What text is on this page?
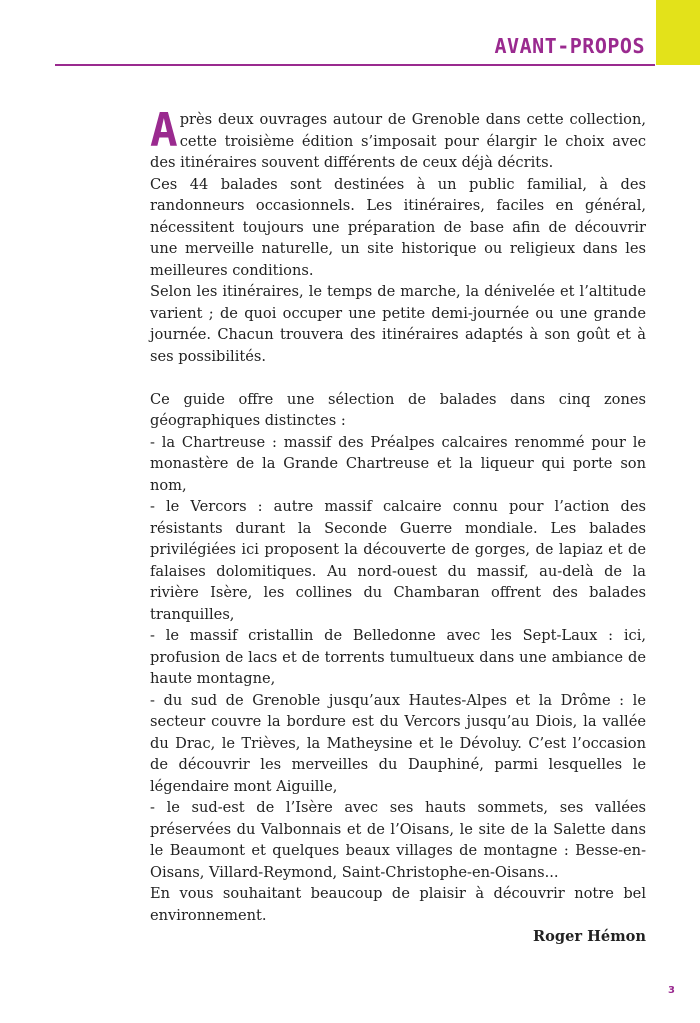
AVANT-PROPOS

Après deux ouvrages autour de Grenoble dans cette collection, cette troisième édition s’imposait pour élargir le choix avec des itinéraires souvent différents de ceux déjà décrits.

Ces 44 balades sont destinées à un public familial, à des randonneurs occasionnels. Les itinéraires, faciles en général, nécessitent toujours une préparation de base afin de découvrir une merveille naturelle, un site historique ou religieux dans les meilleures conditions.

Selon les itinéraires, le temps de marche, la dénivelée et l’altitude varient ; de quoi occuper une petite demi-journée ou une grande journée. Chacun trouvera des itinéraires adaptés à son goût et à ses possibilités.

Ce guide offre une sélection de balades dans cinq zones géographiques distinctes :

- la Chartreuse : massif des Préalpes calcaires renommé pour le monastère de la Grande Chartreuse et la liqueur qui porte son nom,

- le Vercors : autre massif calcaire connu pour l’action des résistants durant la Seconde Guerre mondiale. Les balades privilégiées ici proposent la découverte de gorges, de lapiaz et de falaises dolomitiques. Au nord-ouest du massif, au-delà de la rivière Isère, les collines du Chambaran offrent des balades tranquilles,

- le massif cristallin de Belledonne avec les Sept-Laux : ici, profusion de lacs et de torrents tumultueux dans une ambiance de haute montagne,

- du sud de Grenoble jusqu’aux Hautes-Alpes et la Drôme : le secteur couvre la bordure est du Vercors jusqu’au Diois, la vallée du Drac, le Trièves, la Matheysine et le Dévoluy. C’est l’occasion de découvrir les merveilles du Dauphiné, parmi lesquelles le légendaire mont Aiguille,

- le sud-est de l’Isère avec ses hauts sommets, ses vallées préservées du Valbonnais et de l’Oisans, le site de la Salette dans le Beaumont et quelques beaux villages de montagne : Besse-en-Oisans, Villard-Reymond, Saint-Christophe-en-Oisans...

En vous souhaitant beaucoup de plaisir à découvrir notre bel environnement.

Roger Hémon

3
